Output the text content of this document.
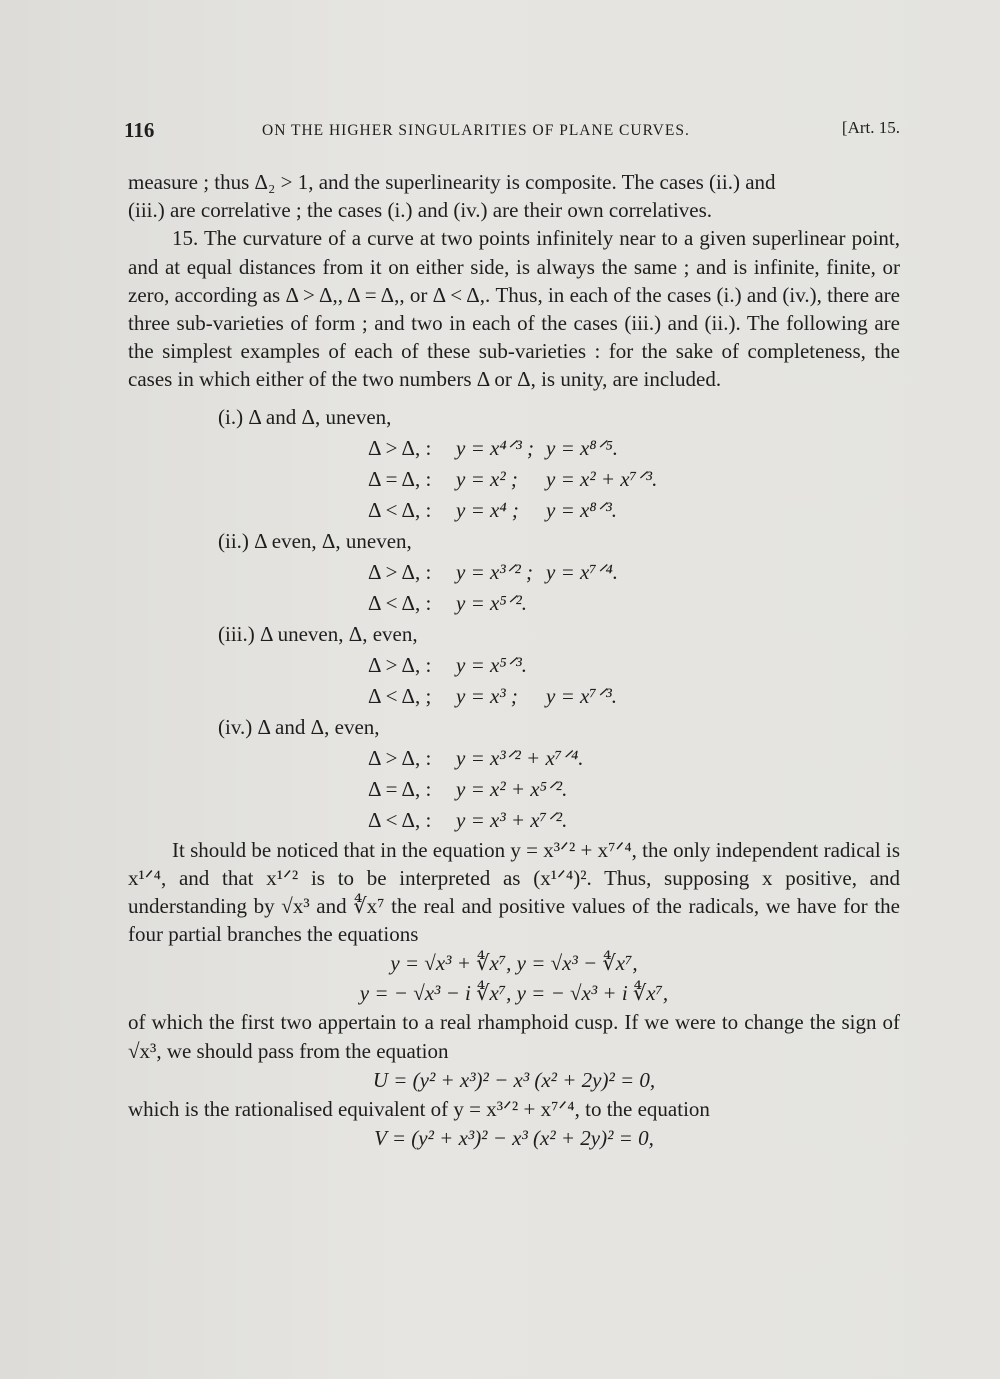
116	ON THE HIGHER SINGULARITIES OF PLANE CURVES.	[Art. 15.

measure ; thus Δ₂ > 1, and the superlinearity is composite. The cases (ii.) and

(iii.) are correlative ; the cases (i.) and (iv.) are their own correlatives.

15. The curvature of a curve at two points infinitely near to a given superlinear point, and at equal distances from it on either side, is always the same ; and is infinite, finite, or zero, according as Δ > Δ,, Δ = Δ,, or Δ < Δ,. Thus, in each of the cases (i.) and (iv.), there are three sub-varieties of form ; and two in each of the cases (iii.) and (ii.). The following are the simplest examples of each of these sub-varieties : for the sake of completeness, the cases in which either of the two numbers Δ or Δ, is unity, are included.

(i.) Δ and Δ, uneven,
Δ > Δ, :	y = x⁴ᐟ³ ; y = x⁸ᐟ⁵.
Δ = Δ, :	y = x² ; y = x² + x⁷ᐟ³.
Δ < Δ, :	y = x⁴ ; y = x⁸ᐟ³.
(ii.) Δ even, Δ, uneven,
Δ > Δ, :	y = x³ᐟ² ; y = x⁷ᐟ⁴.
Δ < Δ, :	y = x⁵ᐟ².
(iii.) Δ uneven, Δ, even,
Δ > Δ, :	y = x⁵ᐟ³.
Δ < Δ, ;	y = x³ ; y = x⁷ᐟ³.
(iv.) Δ and Δ, even,
Δ > Δ, :	y = x³ᐟ² + x⁷ᐟ⁴.
Δ = Δ, :	y = x² + x⁵ᐟ².
Δ < Δ, :	y = x³ + x⁷ᐟ².

It should be noticed that in the equation y = x³ᐟ² + x⁷ᐟ⁴, the only independent radical is x¹ᐟ⁴, and that x¹ᐟ² is to be interpreted as (x¹ᐟ⁴)². Thus, supposing x positive, and understanding by √x³ and ∜x⁷ the real and positive values of the radicals, we have for the four partial branches the equations

y = √x³ + ∜x⁷, y = √x³ − ∜x⁷,
y = − √x³ − i ∜x⁷, y = − √x³ + i ∜x⁷,

of which the first two appertain to a real rhamphoid cusp. If we were to change the sign of √x³, we should pass from the equation

U = (y² + x³)² − x³ (x² + 2y)² = 0,

which is the rationalised equivalent of y = x³ᐟ² + x⁷ᐟ⁴, to the equation

V = (y² + x³)² − x³ (x² + 2y)² = 0,
